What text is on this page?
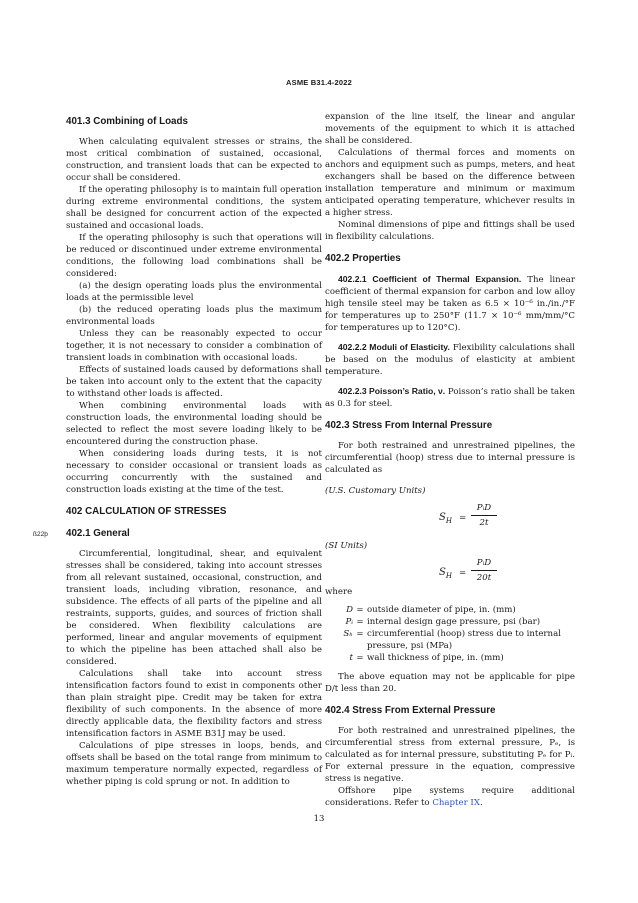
ASME B31.4-2022
401.3 Combining of Loads

When calculating equivalent stresses or strains, the most critical combination of sustained, occasional, construction, and transient loads that can be expected to occur shall be considered.

If the operating philosophy is to maintain full operation during extreme environmental conditions, the system shall be designed for concurrent action of the expected sustained and occasional loads.

If the operating philosophy is such that operations will be reduced or discontinued under extreme environmental conditions, the following load combinations shall be considered:

(a) the design operating loads plus the environmental loads at the permissible level

(b) the reduced operating loads plus the maximum environmental loads

Unless they can be reasonably expected to occur together, it is not necessary to consider a combination of transient loads in combination with occasional loads.

Effects of sustained loads caused by deformations shall be taken into account only to the extent that the capacity to withstand other loads is affected.

When combining environmental loads with construction loads, the environmental loading should be selected to reflect the most severe loading likely to be encountered during the construction phase.

When considering loads during tests, it is not necessary to consider occasional or transient loads as occurring concurrently with the sustained and construction loads existing at the time of the test.

402 CALCULATION OF STRESSES
ß22þ 402.1 General

Circumferential, longitudinal, shear, and equivalent stresses shall be considered, taking into account stresses from all relevant sustained, occasional, construction, and transient loads, including vibration, resonance, and subsidence. The effects of all parts of the pipeline and all restraints, supports, guides, and sources of friction shall be considered. When flexibility calculations are performed, linear and angular movements of equipment to which the pipeline has been attached shall also be considered.

Calculations shall take into account stress intensification factors found to exist in components other than plain straight pipe. Credit may be taken for extra flexibility of such components. In the absence of more directly applicable data, the flexibility factors and stress intensification factors in ASME B31J may be used.

Calculations of pipe stresses in loops, bends, and offsets shall be based on the total range from minimum to maximum temperature normally expected, regardless of whether piping is cold sprung or not. In addition to

expansion of the line itself, the linear and angular movements of the equipment to which it is attached shall be considered.

Calculations of thermal forces and moments on anchors and equipment such as pumps, meters, and heat exchangers shall be based on the difference between installation temperature and minimum or maximum anticipated operating temperature, whichever results in a higher stress.

Nominal dimensions of pipe and fittings shall be used in flexibility calculations.

402.2 Properties

402.2.1 Coefficient of Thermal Expansion. The linear coefficient of thermal expansion for carbon and low alloy high tensile steel may be taken as 6.5 × 10⁻⁶ in./in./°F for temperatures up to 250°F (11.7 × 10⁻⁶ mm/mm/°C for temperatures up to 120°C).

402.2.2 Moduli of Elasticity. Flexibility calculations shall be based on the modulus of elasticity at ambient temperature.

402.2.3 Poisson’s Ratio, ν. Poisson’s ratio shall be taken as 0.3 for steel.

402.3 Stress From Internal Pressure

For both restrained and unrestrained pipelines, the circumferential (hoop) stress due to internal pressure is calculated as

(U.S. Customary Units)
$S_H$ =
PᵢD
2t
(SI Units)
$S_H$ =
PᵢD
20t

where

D = outside diameter of pipe, in. (mm)
Pᵢ = internal design gage pressure, psi (bar)
Sₕ = circumferential (hoop) stress due to internal pressure, psi (MPa)
t = wall thickness of pipe, in. (mm)

The above equation may not be applicable for pipe D/t less than 20.

402.4 Stress From External Pressure

For both restrained and unrestrained pipelines, the circumferential stress from external pressure, Pₑ, is calculated as for internal pressure, substituting Pₑ for Pᵢ. For external pressure in the equation, compressive stress is negative.

Offshore pipe systems require additional considerations. Refer to Chapter IX.

13
